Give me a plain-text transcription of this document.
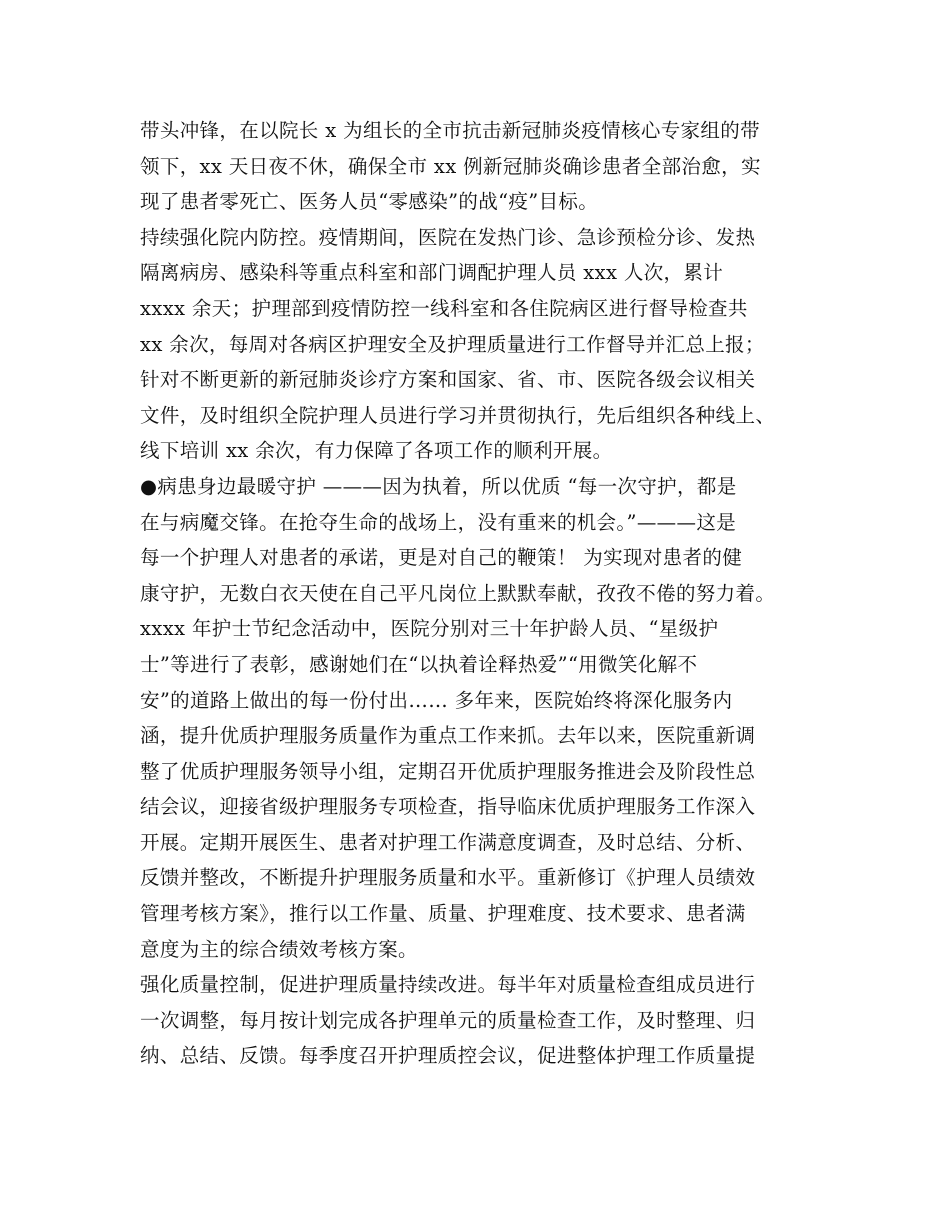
带头冲锋，在以院长 x 为组长的全市抗击新冠肺炎疫情核心专家组的带
领下，xx 天日夜不休，确保全市 xx 例新冠肺炎确诊患者全部治愈，实
现了患者零死亡、医务人员“零感染”的战“疫”目标。
持续强化院内防控。疫情期间，医院在发热门诊、急诊预检分诊、发热
隔离病房、感染科等重点科室和部门调配护理人员 xxx 人次，累计
xxxx 余天；护理部到疫情防控一线科室和各住院病区进行督导检查共
xx 余次，每周对各病区护理安全及护理质量进行工作督导并汇总上报；
针对不断更新的新冠肺炎诊疗方案和国家、省、市、医院各级会议相关
文件，及时组织全院护理人员进行学习并贯彻执行，先后组织各种线上、
线下培训 xx 余次，有力保障了各项工作的顺利开展。
●病患身边最暖守护 ———因为执着，所以优质 “每一次守护，都是
在与病魔交锋。在抢夺生命的战场上，没有重来的机会。”———这是
每一个护理人对患者的承诺，更是对自己的鞭策！ 为实现对患者的健
康守护，无数白衣天使在自己平凡岗位上默默奉献，孜孜不倦的努力着。
xxxx 年护士节纪念活动中，医院分别对三十年护龄人员、“星级护
士”等进行了表彰，感谢她们在“以执着诠释热爱”“用微笑化解不
安”的道路上做出的每一份付出…… 多年来，医院始终将深化服务内
涵，提升优质护理服务质量作为重点工作来抓。去年以来，医院重新调
整了优质护理服务领导小组，定期召开优质护理服务推进会及阶段性总
结会议，迎接省级护理服务专项检查，指导临床优质护理服务工作深入
开展。定期开展医生、患者对护理工作满意度调查，及时总结、分析、
反馈并整改，不断提升护理服务质量和水平。重新修订《护理人员绩效
管理考核方案》，推行以工作量、质量、护理难度、技术要求、患者满
意度为主的综合绩效考核方案。
强化质量控制，促进护理质量持续改进。每半年对质量检查组成员进行
一次调整，每月按计划完成各护理单元的质量检查工作，及时整理、归
纳、总结、反馈。每季度召开护理质控会议，促进整体护理工作质量提
